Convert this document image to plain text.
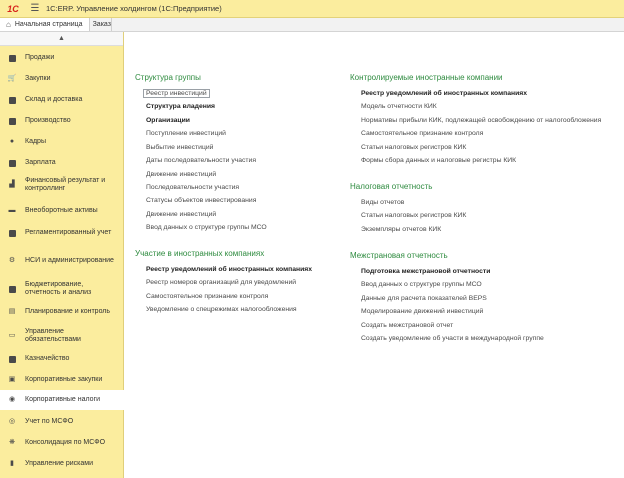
1С	☰ 1С:ERP. Управление холдингом (1С:Предприятие)
⌂ Начальная страница Заказ
▲
Продажи
🛒 Закупки
Склад и доставка
Производство
● Кадры
Зарплата
▟
Финансовый результат и контроллинг
▬ Внеоборотные активы
Регламентированный учет
⚙ НСИ и администрирование
Бюджетирование, отчетность и анализ
▤ Планирование и контроль
▭
Управление обязательствами
Казначейство
▣ Корпоративные закупки
◉ Корпоративные налоги
◎ Учет по МСФО
❋ Консолидация по МСФО
▮ Управление рисками
Структура группы
Реестр инвестиций
Структура владения
Организации
Поступление инвестиций
Выбытие инвестиций
Даты последовательности участия
Движение инвестиций
Последовательности участия
Статусы объектов инвестирования
Движение инвестиций
Ввод данных о структуре группы МСО
Участие в иностранных компаниях
Реестр уведомлений об иностранных компаниях
Реестр номеров организаций для уведомлений
Самостоятельное признание контроля
Уведомление о спецрежимах налогообложения
Контролируемые иностранные компании
Реестр уведомлений об иностранных компаниях
Модель отчетности КИК
Нормативы прибыли КИК, подлежащей освобождению от налогообложения
Самостоятельное признание контроля
Статьи налоговых регистров КИК
Формы сбора данных и налоговые регистры КИК
Налоговая отчетность
Виды отчетов
Статьи налоговых регистров КИК
Экземпляры отчетов КИК
Межстрановая отчетность
Подготовка межстрановой отчетности
Ввод данных о структуре группы МСО
Данные для расчета показателей BEPS
Моделирование движений инвестиций
Создать межстрановой отчет
Создать уведомление об участи в международной группе
